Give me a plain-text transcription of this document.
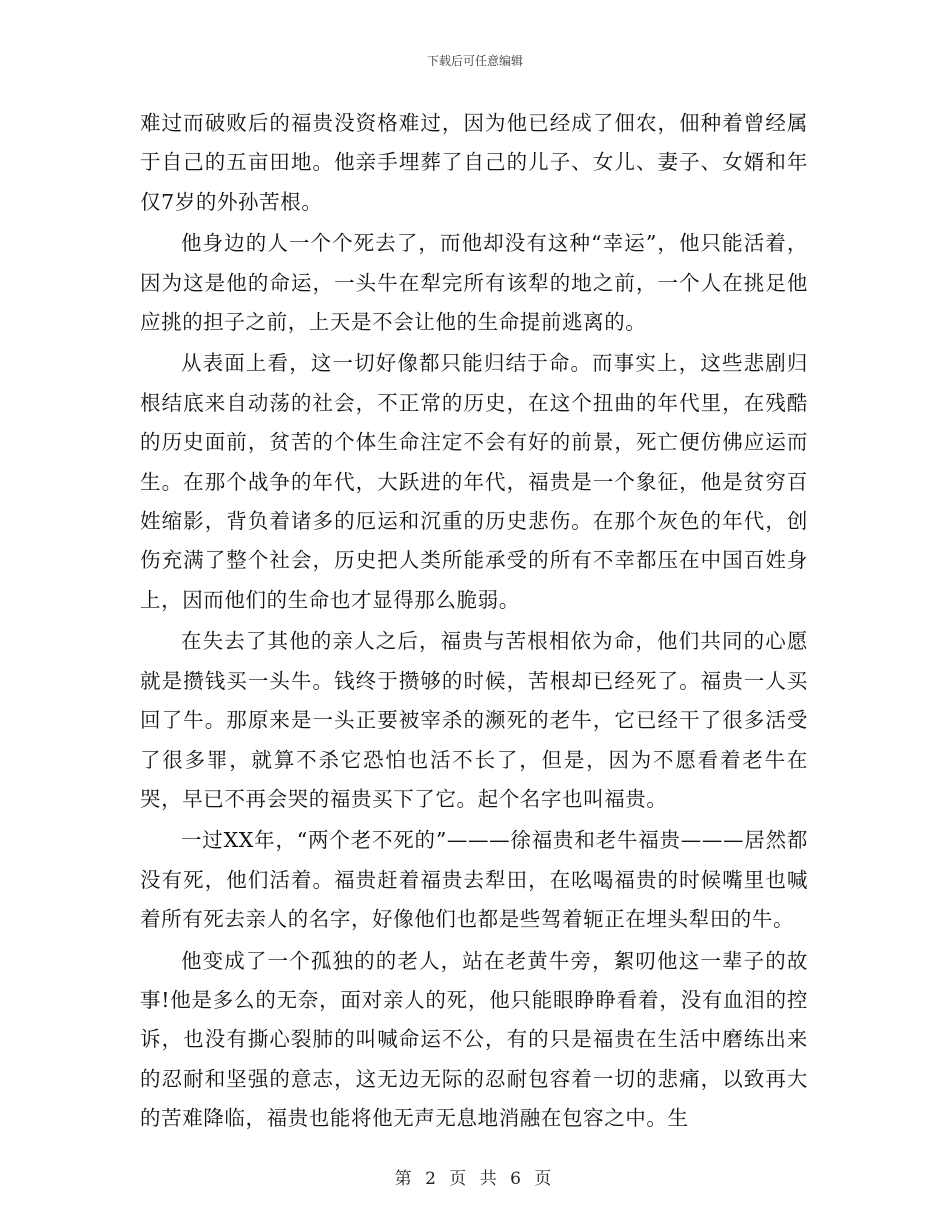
下载后可任意编辑

难过而破败后的福贵没资格难过，因为他已经成了佃农，佃种着曾经属于自己的五亩田地。他亲手埋葬了自己的儿子、女儿、妻子、女婿和年仅7岁的外孙苦根。

他身边的人一个个死去了，而他却没有这种“幸运”，他只能活着，因为这是他的命运，一头牛在犁完所有该犁的地之前，一个人在挑足他应挑的担子之前，上天是不会让他的生命提前逃离的。

从表面上看，这一切好像都只能归结于命。而事实上，这些悲剧归根结底来自动荡的社会，不正常的历史，在这个扭曲的年代里，在残酷的历史面前，贫苦的个体生命注定不会有好的前景，死亡便仿佛应运而生。在那个战争的年代，大跃进的年代，福贵是一个象征，他是贫穷百姓缩影，背负着诸多的厄运和沉重的历史悲伤。在那个灰色的年代，创伤充满了整个社会，历史把人类所能承受的所有不幸都压在中国百姓身上，因而他们的生命也才显得那么脆弱。

在失去了其他的亲人之后，福贵与苦根相依为命，他们共同的心愿就是攒钱买一头牛。钱终于攒够的时候，苦根却已经死了。福贵一人买回了牛。那原来是一头正要被宰杀的濒死的老牛，它已经干了很多活受了很多罪，就算不杀它恐怕也活不长了，但是，因为不愿看着老牛在哭，早已不再会哭的福贵买下了它。起个名字也叫福贵。

一过XX年，“两个老不死的”———徐福贵和老牛福贵———居然都没有死，他们活着。福贵赶着福贵去犁田，在吆喝福贵的时候嘴里也喊着所有死去亲人的名字，好像他们也都是些驾着轭正在埋头犁田的牛。

他变成了一个孤独的的老人，站在老黄牛旁，絮叨他这一辈子的故事!他是多么的无奈，面对亲人的死，他只能眼睁睁看着，没有血泪的控诉，也没有撕心裂肺的叫喊命运不公，有的只是福贵在生活中磨练出来的忍耐和坚强的意志，这无边无际的忍耐包容着一切的悲痛，以致再大的苦难降临，福贵也能将他无声无息地消融在包容之中。生

第 2 页 共 6 页
